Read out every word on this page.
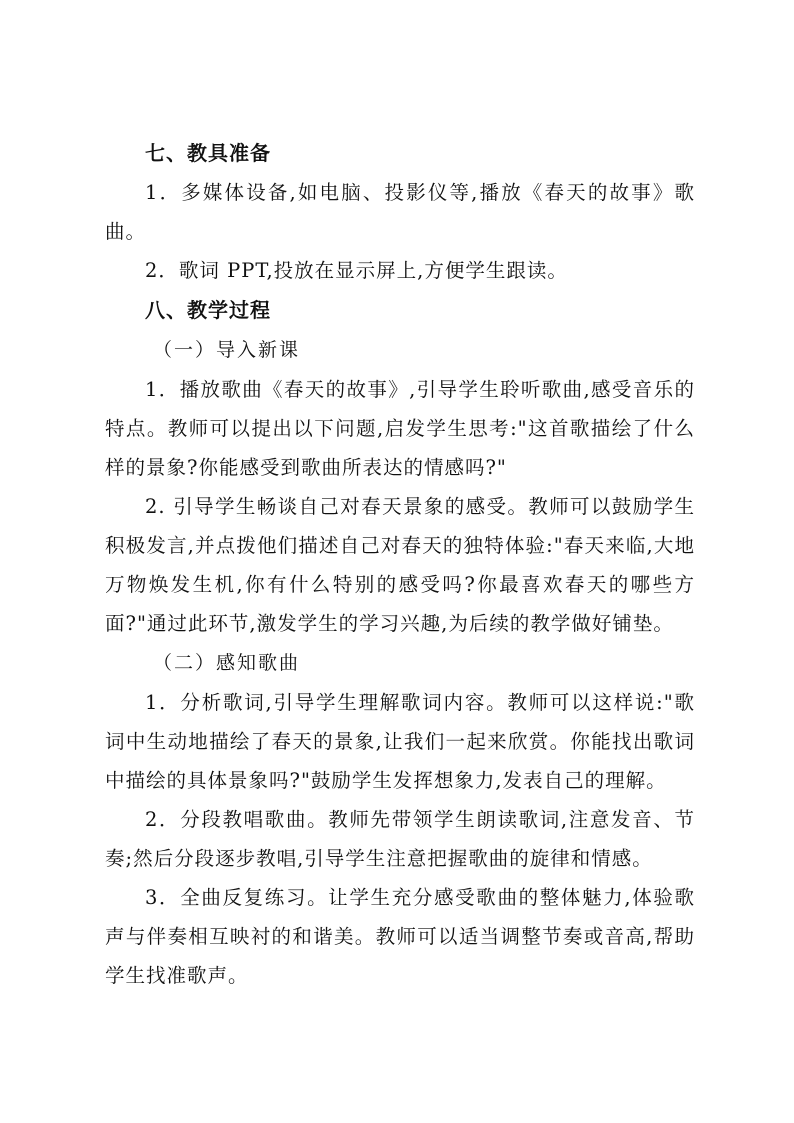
七、教具准备

1．多媒体设备,如电脑、投影仪等,播放《春天的故事》歌曲。

2．歌词 PPT,投放在显示屏上,方便学生跟读。

八、教学过程

（一）导入新课

1．播放歌曲《春天的故事》,引导学生聆听歌曲,感受音乐的特点。教师可以提出以下问题,启发学生思考:"这首歌描绘了什么样的景象?你能感受到歌曲所表达的情感吗?"

2. 引导学生畅谈自己对春天景象的感受。教师可以鼓励学生积极发言,并点拨他们描述自己对春天的独特体验:"春天来临,大地万物焕发生机,你有什么特别的感受吗?你最喜欢春天的哪些方面?"通过此环节,激发学生的学习兴趣,为后续的教学做好铺垫。

（二）感知歌曲

1．分析歌词,引导学生理解歌词内容。教师可以这样说:"歌词中生动地描绘了春天的景象,让我们一起来欣赏。你能找出歌词中描绘的具体景象吗?"鼓励学生发挥想象力,发表自己的理解。

2．分段教唱歌曲。教师先带领学生朗读歌词,注意发音、节奏;然后分段逐步教唱,引导学生注意把握歌曲的旋律和情感。

3．全曲反复练习。让学生充分感受歌曲的整体魅力,体验歌声与伴奏相互映衬的和谐美。教师可以适当调整节奏或音高,帮助学生找准歌声。
